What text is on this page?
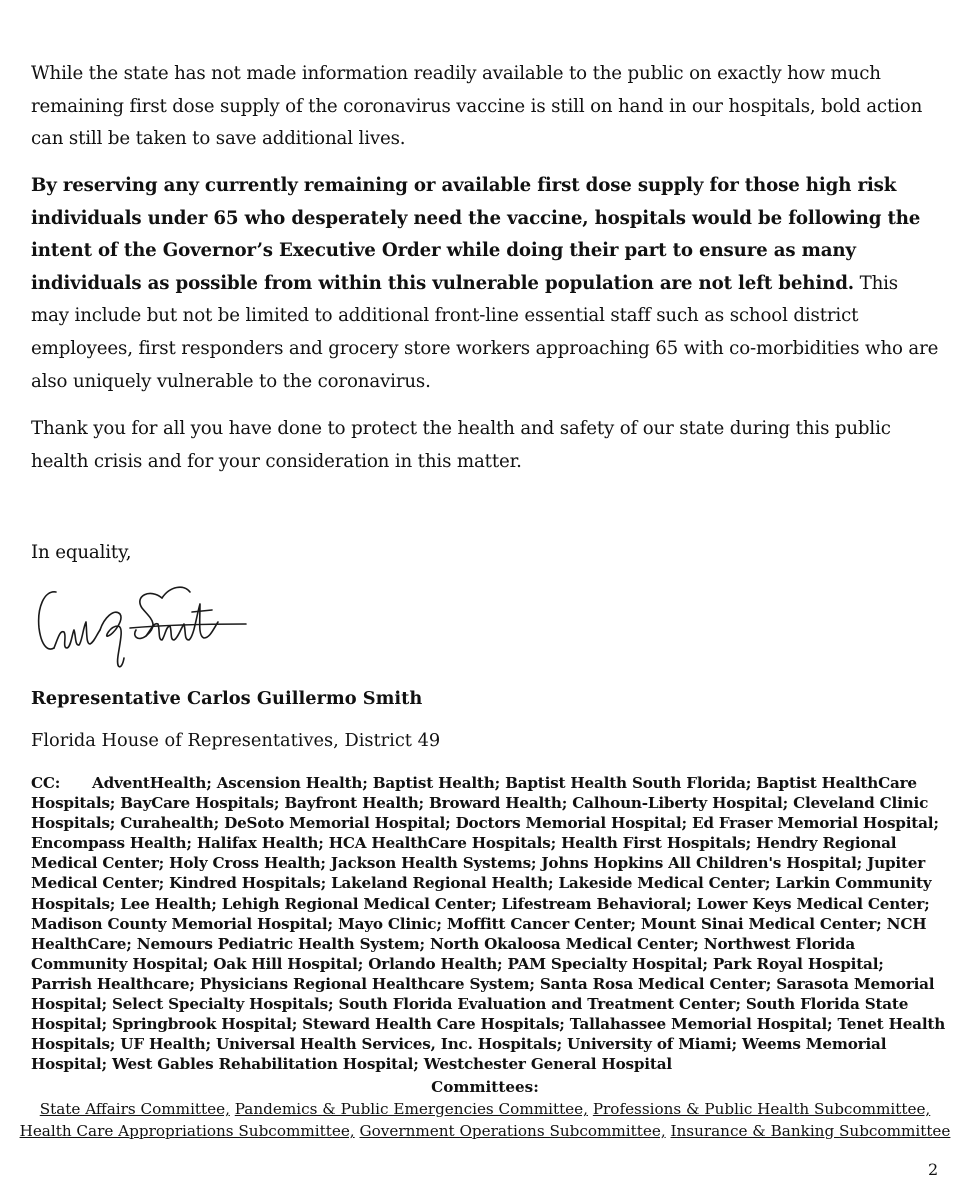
While the state has not made information readily available to the public on exactly how much remaining first dose supply of the coronavirus vaccine is still on hand in our hospitals, bold action can still be taken to save additional lives.

By reserving any currently remaining or available first dose supply for those high risk individuals under 65 who desperately need the vaccine, hospitals would be following the intent of the Governor’s Executive Order while doing their part to ensure as many individuals as possible from within this vulnerable population are not left behind. This may include but not be limited to additional front-line essential staff such as school district employees, first responders and grocery store workers approaching 65 with co-morbidities who are also uniquely vulnerable to the coronavirus.

Thank you for all you have done to protect the health and safety of our state during this public health crisis and for your consideration in this matter.

In equality,

Representative Carlos Guillermo Smith

Florida House of Representatives, District 49

CC: AdventHealth; Ascension Health; Baptist Health; Baptist Health South Florida; Baptist HealthCare Hospitals; BayCare Hospitals; Bayfront Health; Broward Health; Calhoun-Liberty Hospital; Cleveland Clinic Hospitals; Curahealth; DeSoto Memorial Hospital; Doctors Memorial Hospital; Ed Fraser Memorial Hospital; Encompass Health; Halifax Health; HCA HealthCare Hospitals; Health First Hospitals; Hendry Regional Medical Center; Holy Cross Health; Jackson Health Systems; Johns Hopkins All Children's Hospital; Jupiter Medical Center; Kindred Hospitals; Lakeland Regional Health; Lakeside Medical Center; Larkin Community Hospitals; Lee Health; Lehigh Regional Medical Center; Lifestream Behavioral; Lower Keys Medical Center; Madison County Memorial Hospital; Mayo Clinic; Moffitt Cancer Center; Mount Sinai Medical Center; NCH HealthCare; Nemours Pediatric Health System; North Okaloosa Medical Center; Northwest Florida Community Hospital; Oak Hill Hospital; Orlando Health; PAM Specialty Hospital; Park Royal Hospital; Parrish Healthcare; Physicians Regional Healthcare System; Santa Rosa Medical Center; Sarasota Memorial Hospital; Select Specialty Hospitals; South Florida Evaluation and Treatment Center; South Florida State Hospital; Springbrook Hospital; Steward Health Care Hospitals; Tallahassee Memorial Hospital; Tenet Health Hospitals; UF Health; Universal Health Services, Inc. Hospitals; University of Miami; Weems Memorial Hospital; West Gables Rehabilitation Hospital; Westchester General Hospital

Committees:
State Affairs Committee, Pandemics & Public Emergencies Committee, Professions & Public Health Subcommittee,
Health Care Appropriations Subcommittee, Government Operations Subcommittee, Insurance & Banking Subcommittee
2
